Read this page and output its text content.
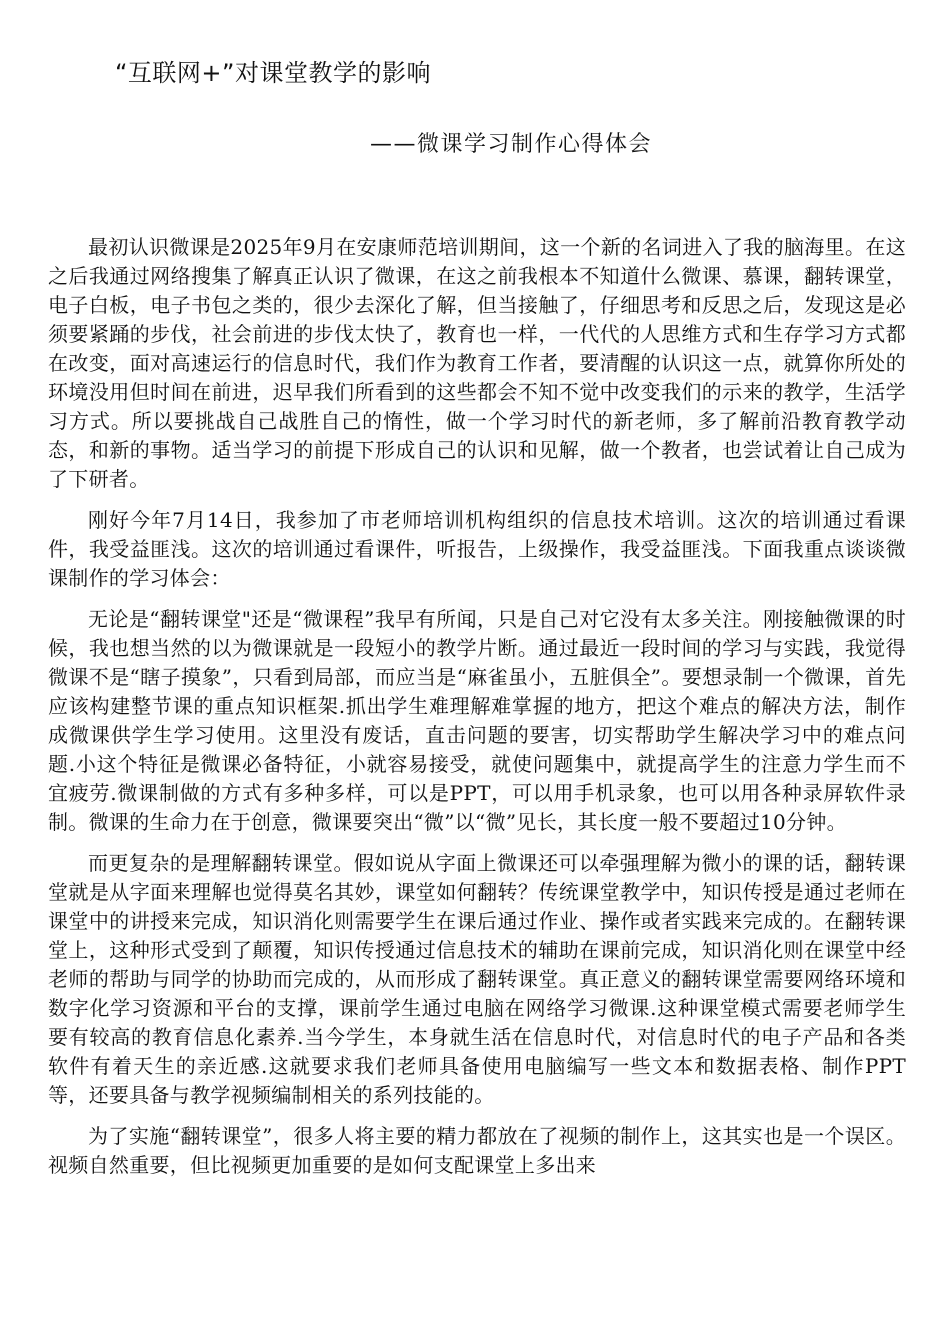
“互联网+”对课堂教学的影响
——微课学习制作心得体会

最初认识微课是2025年9月在安康师范培训期间，这一个新的名词进入了我的脑海里。在这之后我通过网络搜集了解真正认识了微课，在这之前我根本不知道什么微课、慕课，翻转课堂，电子白板，电子书包之类的，很少去深化了解，但当接触了，仔细思考和反思之后，发现这是必须要紧踊的步伐，社会前进的步伐太快了，教育也一样，一代代的人思维方式和生存学习方式都在改变，面对高速运行的信息时代，我们作为教育工作者，要清醒的认识这一点，就算你所处的环境没用但时间在前进，迟早我们所看到的这些都会不知不觉中改变我们的示来的教学，生活学习方式。所以要挑战自己战胜自己的惰性，做一个学习时代的新老师，多了解前沿教育教学动态，和新的事物。适当学习的前提下形成自己的认识和见解，做一个教者，也尝试着让自己成为了下研者。

刚好今年7月14日，我参加了市老师培训机构组织的信息技术培训。这次的培训通过看课件，我受益匪浅。这次的培训通过看课件，听报告，上级操作，我受益匪浅。下面我重点谈谈微课制作的学习体会：

无论是“翻转课堂"还是“微课程”我早有所闻，只是自己对它没有太多关注。刚接触微课的时候，我也想当然的以为微课就是一段短小的教学片断。通过最近一段时间的学习与实践，我觉得微课不是“瞎子摸象”，只看到局部，而应当是“麻雀虽小，五脏俱全”。要想录制一个微课，首先应该构建整节课的重点知识框架.抓出学生难理解难掌握的地方，把这个难点的解决方法，制作成微课供学生学习使用。这里没有废话，直击问题的要害，切实帮助学生解决学习中的难点问题.小这个特征是微课必备特征，小就容易接受，就使问题集中，就提高学生的注意力学生而不宜疲劳.微课制做的方式有多种多样，可以是PPT，可以用手机录象，也可以用各种录屏软件录制。微课的生命力在于创意，微课要突出“微”以“微”见长，其长度一般不要超过10分钟。

而更复杂的是理解翻转课堂。假如说从字面上微课还可以牵强理解为微小的课的话，翻转课堂就是从字面来理解也觉得莫名其妙，课堂如何翻转？传统课堂教学中，知识传授是通过老师在课堂中的讲授来完成，知识消化则需要学生在课后通过作业、操作或者实践来完成的。在翻转课堂上，这种形式受到了颠覆，知识传授通过信息技术的辅助在课前完成，知识消化则在课堂中经老师的帮助与同学的协助而完成的，从而形成了翻转课堂。真正意义的翻转课堂需要网络环境和数字化学习资源和平台的支撑，课前学生通过电脑在网络学习微课.这种课堂模式需要老师学生要有较高的教育信息化素养.当今学生，本身就生活在信息时代，对信息时代的电子产品和各类软件有着天生的亲近感.这就要求我们老师具备使用电脑编写一些文本和数据表格、制作PPT等，还要具备与教学视频编制相关的系列技能的。

为了实施“翻转课堂”，很多人将主要的精力都放在了视频的制作上，这其实也是一个误区。视频自然重要，但比视频更加重要的是如何支配课堂上多出来
